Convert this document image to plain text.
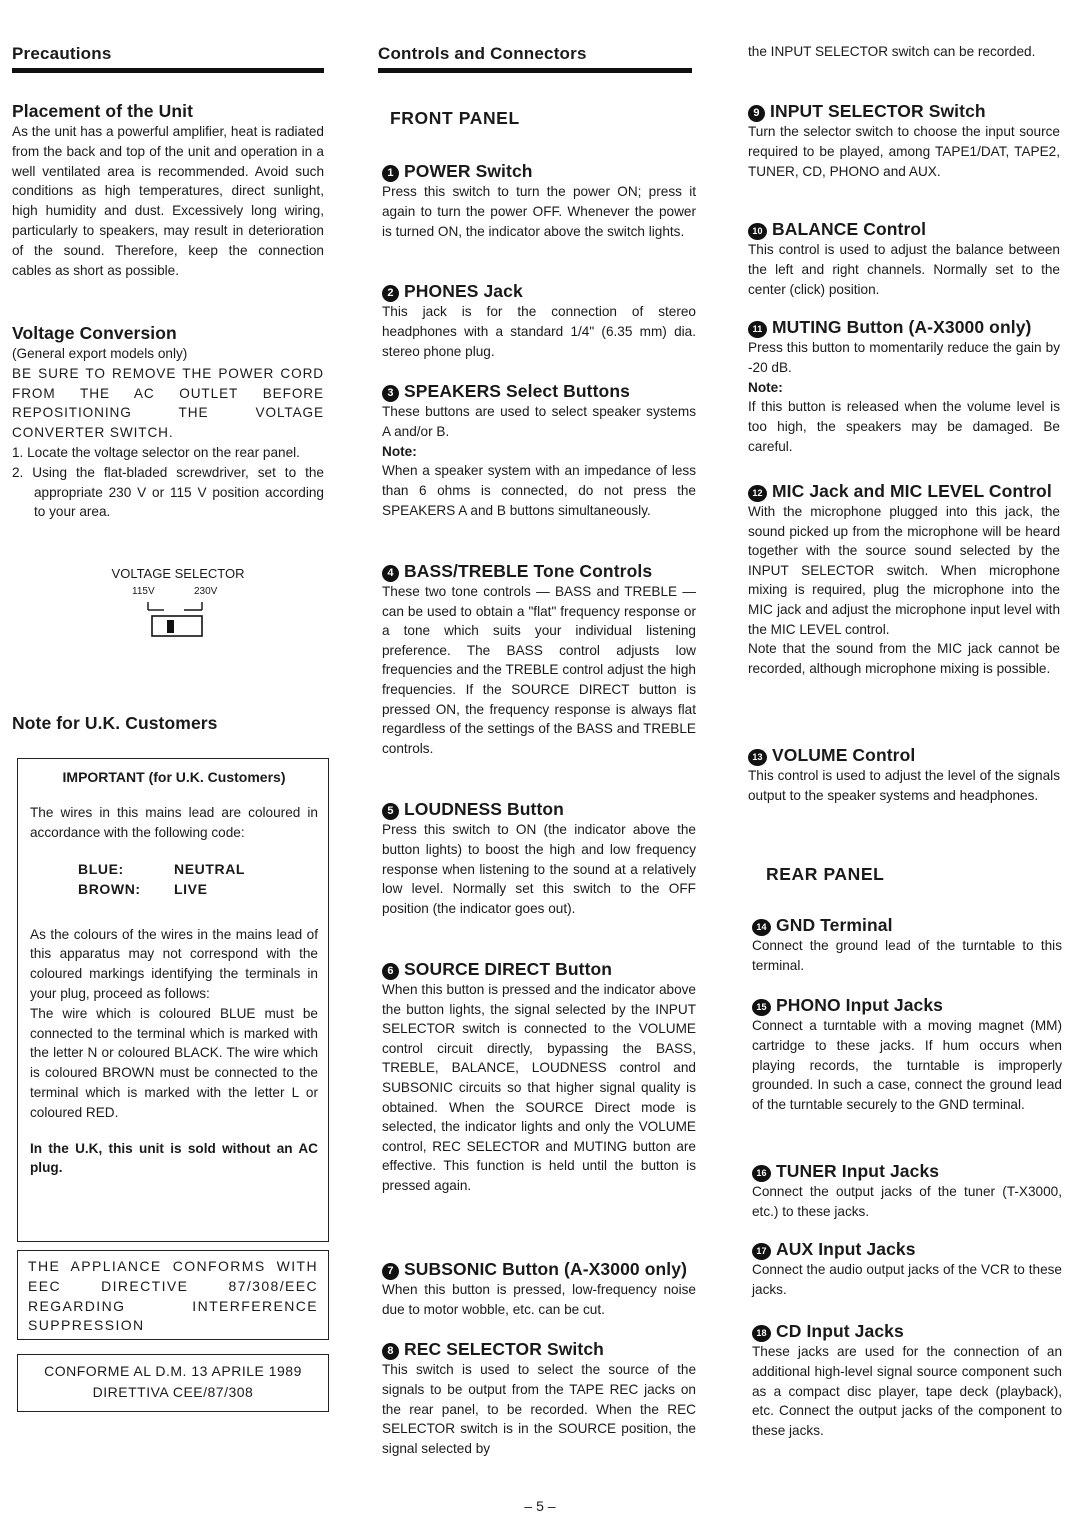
Precautions

Placement of the Unit

As the unit has a powerful amplifier, heat is radiated from the back and top of the unit and operation in a well ventilated area is recommended. Avoid such conditions as high temperatures, direct sunlight, high humidity and dust. Excessively long wiring, particularly to speakers, may result in deterioration of the sound. Therefore, keep the connection cables as short as possible.

Voltage Conversion

(General export models only)

BE SURE TO REMOVE THE POWER CORD FROM THE AC OUTLET BEFORE REPOSITIONING THE VOLTAGE CONVERTER SWITCH.

1. Locate the voltage selector on the rear panel.
2. Using the flat-bladed screwdriver, set to the appropriate 230 V or 115 V position according to your area.
VOLTAGE SELECTOR
115V	230V

Note for U.K. Customers

IMPORTANT (for U.K. Customers)

The wires in this mains lead are coloured in accordance with the following code:

BLUE:	NEUTRAL
BROWN: LIVE

As the colours of the wires in the mains lead of this apparatus may not correspond with the coloured markings identifying the terminals in your plug, proceed as follows:

The wire which is coloured BLUE must be connected to the terminal which is marked with the letter N or coloured BLACK. The wire which is coloured BROWN must be connected to the terminal which is marked with the letter L or coloured RED.

In the U.K, this unit is sold without an AC plug.

THE APPLIANCE CONFORMS WITH EEC DIRECTIVE 87/308/EEC REGARDING INTERFERENCE SUPPRESSION

CONFORME AL D.M. 13 APRILE 1989
DIRETTIVA CEE/87/308
Controls and Connectors
FRONT PANEL

1 POWER Switch

Press this switch to turn the power ON; press it again to turn the power OFF. Whenever the power is turned ON, the indicator above the switch lights.

2 PHONES Jack

This jack is for the connection of stereo headphones with a standard 1/4" (6.35 mm) dia. stereo phone plug.

3 SPEAKERS Select Buttons

These buttons are used to select speaker systems A and/or B.

Note:

When a speaker system with an impedance of less than 6 ohms is connected, do not press the SPEAKERS A and B buttons simultaneously.

4 BASS/TREBLE Tone Controls

These two tone controls — BASS and TREBLE — can be used to obtain a "flat" frequency response or a tone which suits your individual listening preference. The BASS control adjusts low frequencies and the TREBLE control adjust the high frequencies. If the SOURCE DIRECT button is pressed ON, the frequency response is always flat regardless of the settings of the BASS and TREBLE controls.

5 LOUDNESS Button

Press this switch to ON (the indicator above the button lights) to boost the high and low frequency response when listening to the sound at a relatively low level. Normally set this switch to the OFF position (the indicator goes out).

6 SOURCE DIRECT Button

When this button is pressed and the indicator above the button lights, the signal selected by the INPUT SELECTOR switch is connected to the VOLUME control circuit directly, bypassing the BASS, TREBLE, BALANCE, LOUDNESS control and SUBSONIC circuits so that higher signal quality is obtained. When the SOURCE Direct mode is selected, the indicator lights and only the VOLUME control, REC SELECTOR and MUTING button are effective. This function is held until the button is pressed again.

7 SUBSONIC Button (A-X3000 only)

When this button is pressed, low-frequency noise due to motor wobble, etc. can be cut.

8 REC SELECTOR Switch

This switch is used to select the source of the signals to be output from the TAPE REC jacks on the rear panel, to be recorded. When the REC SELECTOR switch is in the SOURCE position, the signal selected by

– 5 –

the INPUT SELECTOR switch can be recorded.

9 INPUT SELECTOR Switch

Turn the selector switch to choose the input source required to be played, among TAPE1/DAT, TAPE2, TUNER, CD, PHONO and AUX.

10 BALANCE Control

This control is used to adjust the balance between the left and right channels. Normally set to the center (click) position.

11 MUTING Button (A-X3000 only)

Press this button to momentarily reduce the gain by -20 dB.

Note:

If this button is released when the volume level is too high, the speakers may be damaged. Be careful.

12 MIC Jack and MIC LEVEL Control

With the microphone plugged into this jack, the sound picked up from the microphone will be heard together with the source sound selected by the INPUT SELECTOR switch. When microphone mixing is required, plug the microphone into the MIC jack and adjust the microphone input level with the MIC LEVEL control.

Note that the sound from the MIC jack cannot be recorded, although microphone mixing is possible.

13 VOLUME Control

This control is used to adjust the level of the signals output to the speaker systems and headphones.

REAR PANEL

14 GND Terminal

Connect the ground lead of the turntable to this terminal.

15 PHONO Input Jacks

Connect a turntable with a moving magnet (MM) cartridge to these jacks. If hum occurs when playing records, the turntable is improperly grounded. In such a case, connect the ground lead of the turntable securely to the GND terminal.

16 TUNER Input Jacks

Connect the output jacks of the tuner (T-X3000, etc.) to these jacks.

17 AUX Input Jacks

Connect the audio output jacks of the VCR to these jacks.

18 CD Input Jacks

These jacks are used for the connection of an additional high-level signal source component such as a compact disc player, tape deck (playback), etc. Connect the output jacks of the component to these jacks.
